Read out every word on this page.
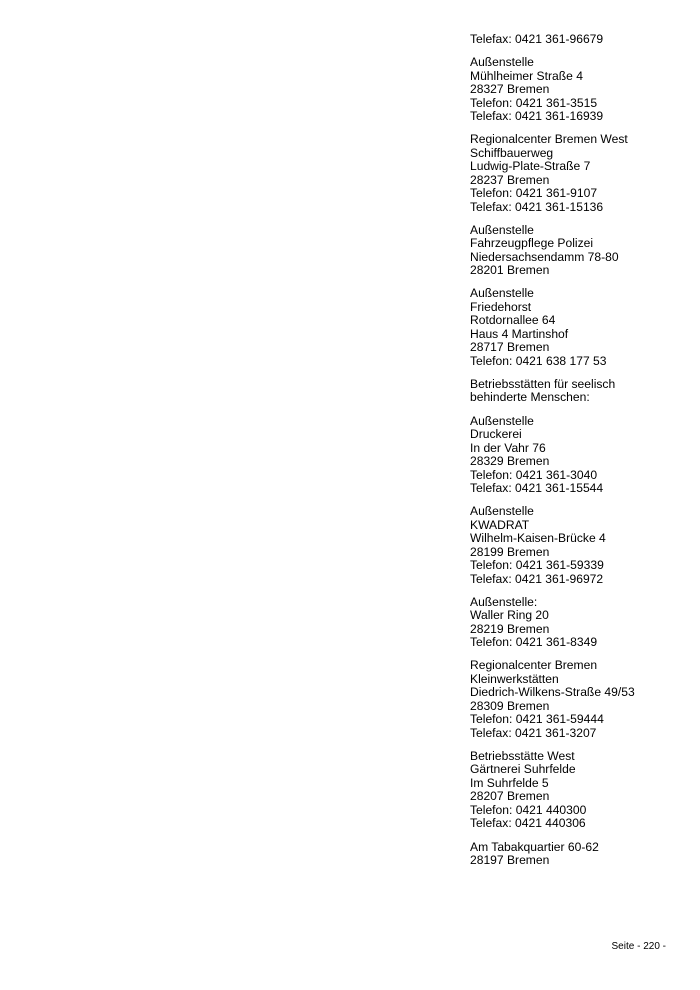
Telefax: 0421 361-96679
Außenstelle
Mühlheimer Straße 4
28327 Bremen
Telefon: 0421 361-3515
Telefax: 0421 361-16939
Regionalcenter Bremen West
Schiffbauerweg
Ludwig-Plate-Straße 7
28237 Bremen
Telefon: 0421 361-9107
Telefax: 0421 361-15136
Außenstelle
Fahrzeugpflege Polizei
Niedersachsendamm 78-80
28201 Bremen
Außenstelle
Friedehorst
Rotdornallee 64
Haus 4 Martinshof
28717 Bremen
Telefon: 0421 638 177 53
Betriebsstätten für seelisch
behinderte Menschen:
Außenstelle
Druckerei
In der Vahr 76
28329 Bremen
Telefon: 0421 361-3040
Telefax: 0421 361-15544
Außenstelle
KWADRAT
Wilhelm-Kaisen-Brücke 4
28199 Bremen
Telefon: 0421 361-59339
Telefax: 0421 361-96972
Außenstelle:
Waller Ring 20
28219 Bremen
Telefon: 0421 361-8349
Regionalcenter Bremen
Kleinwerkstätten
Diedrich-Wilkens-Straße 49/53
28309 Bremen
Telefon: 0421 361-59444
Telefax: 0421 361-3207
Betriebsstätte West
Gärtnerei Suhrfelde
Im Suhrfelde 5
28207 Bremen
Telefon: 0421 440300
Telefax: 0421 440306
Am Tabakquartier 60-62
28197 Bremen
Seite - 220 -
